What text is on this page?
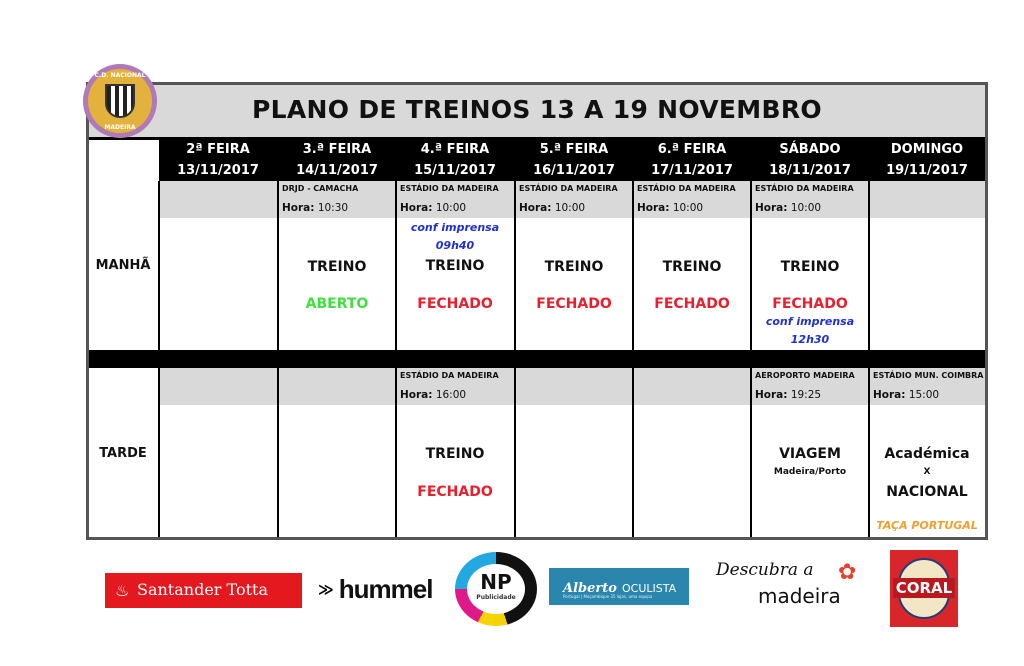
C.D. NACIONAL
MADEIRA
PLANO DE TREINOS 13 A 19 NOVEMBRO
2ª FEIRA
13/11/2017
3.ª FEIRA
14/11/2017
4.ª FEIRA
15/11/2017
5.ª FEIRA
16/11/2017
6.ª FEIRA
17/11/2017
SÁBADO
18/11/2017
DOMINGO
19/11/2017
MANHÃ
DRJD - CAMACHA
Hora: 10:30
TREINO
ABERTO
ESTÁDIO DA MADEIRA
Hora: 10:00
conf imprensa
09h40
TREINO
FECHADO
ESTÁDIO DA MADEIRA
Hora: 10:00
TREINO
FECHADO
ESTÁDIO DA MADEIRA
Hora: 10:00
TREINO
FECHADO
ESTÁDIO DA MADEIRA
Hora: 10:00
TREINO
FECHADO
conf imprensa
12h30
TARDE
ESTÁDIO DA MADEIRA
Hora: 16:00
TREINO
FECHADO
AEROPORTO MADEIRA
Hora: 19:25
VIAGEM
Madeira/Porto
ESTÁDIO MUN. COIMBRA
Hora: 15:00
Académica
X
NACIONAL
TAÇA PORTUGAL
♨ Santander Totta	≫ hummel	NP
Publicidade
Alberto OCULISTA
Portugal | Moçambique 35 lojas, uma equipa
Descubra a
madeira
✿
CORAL
